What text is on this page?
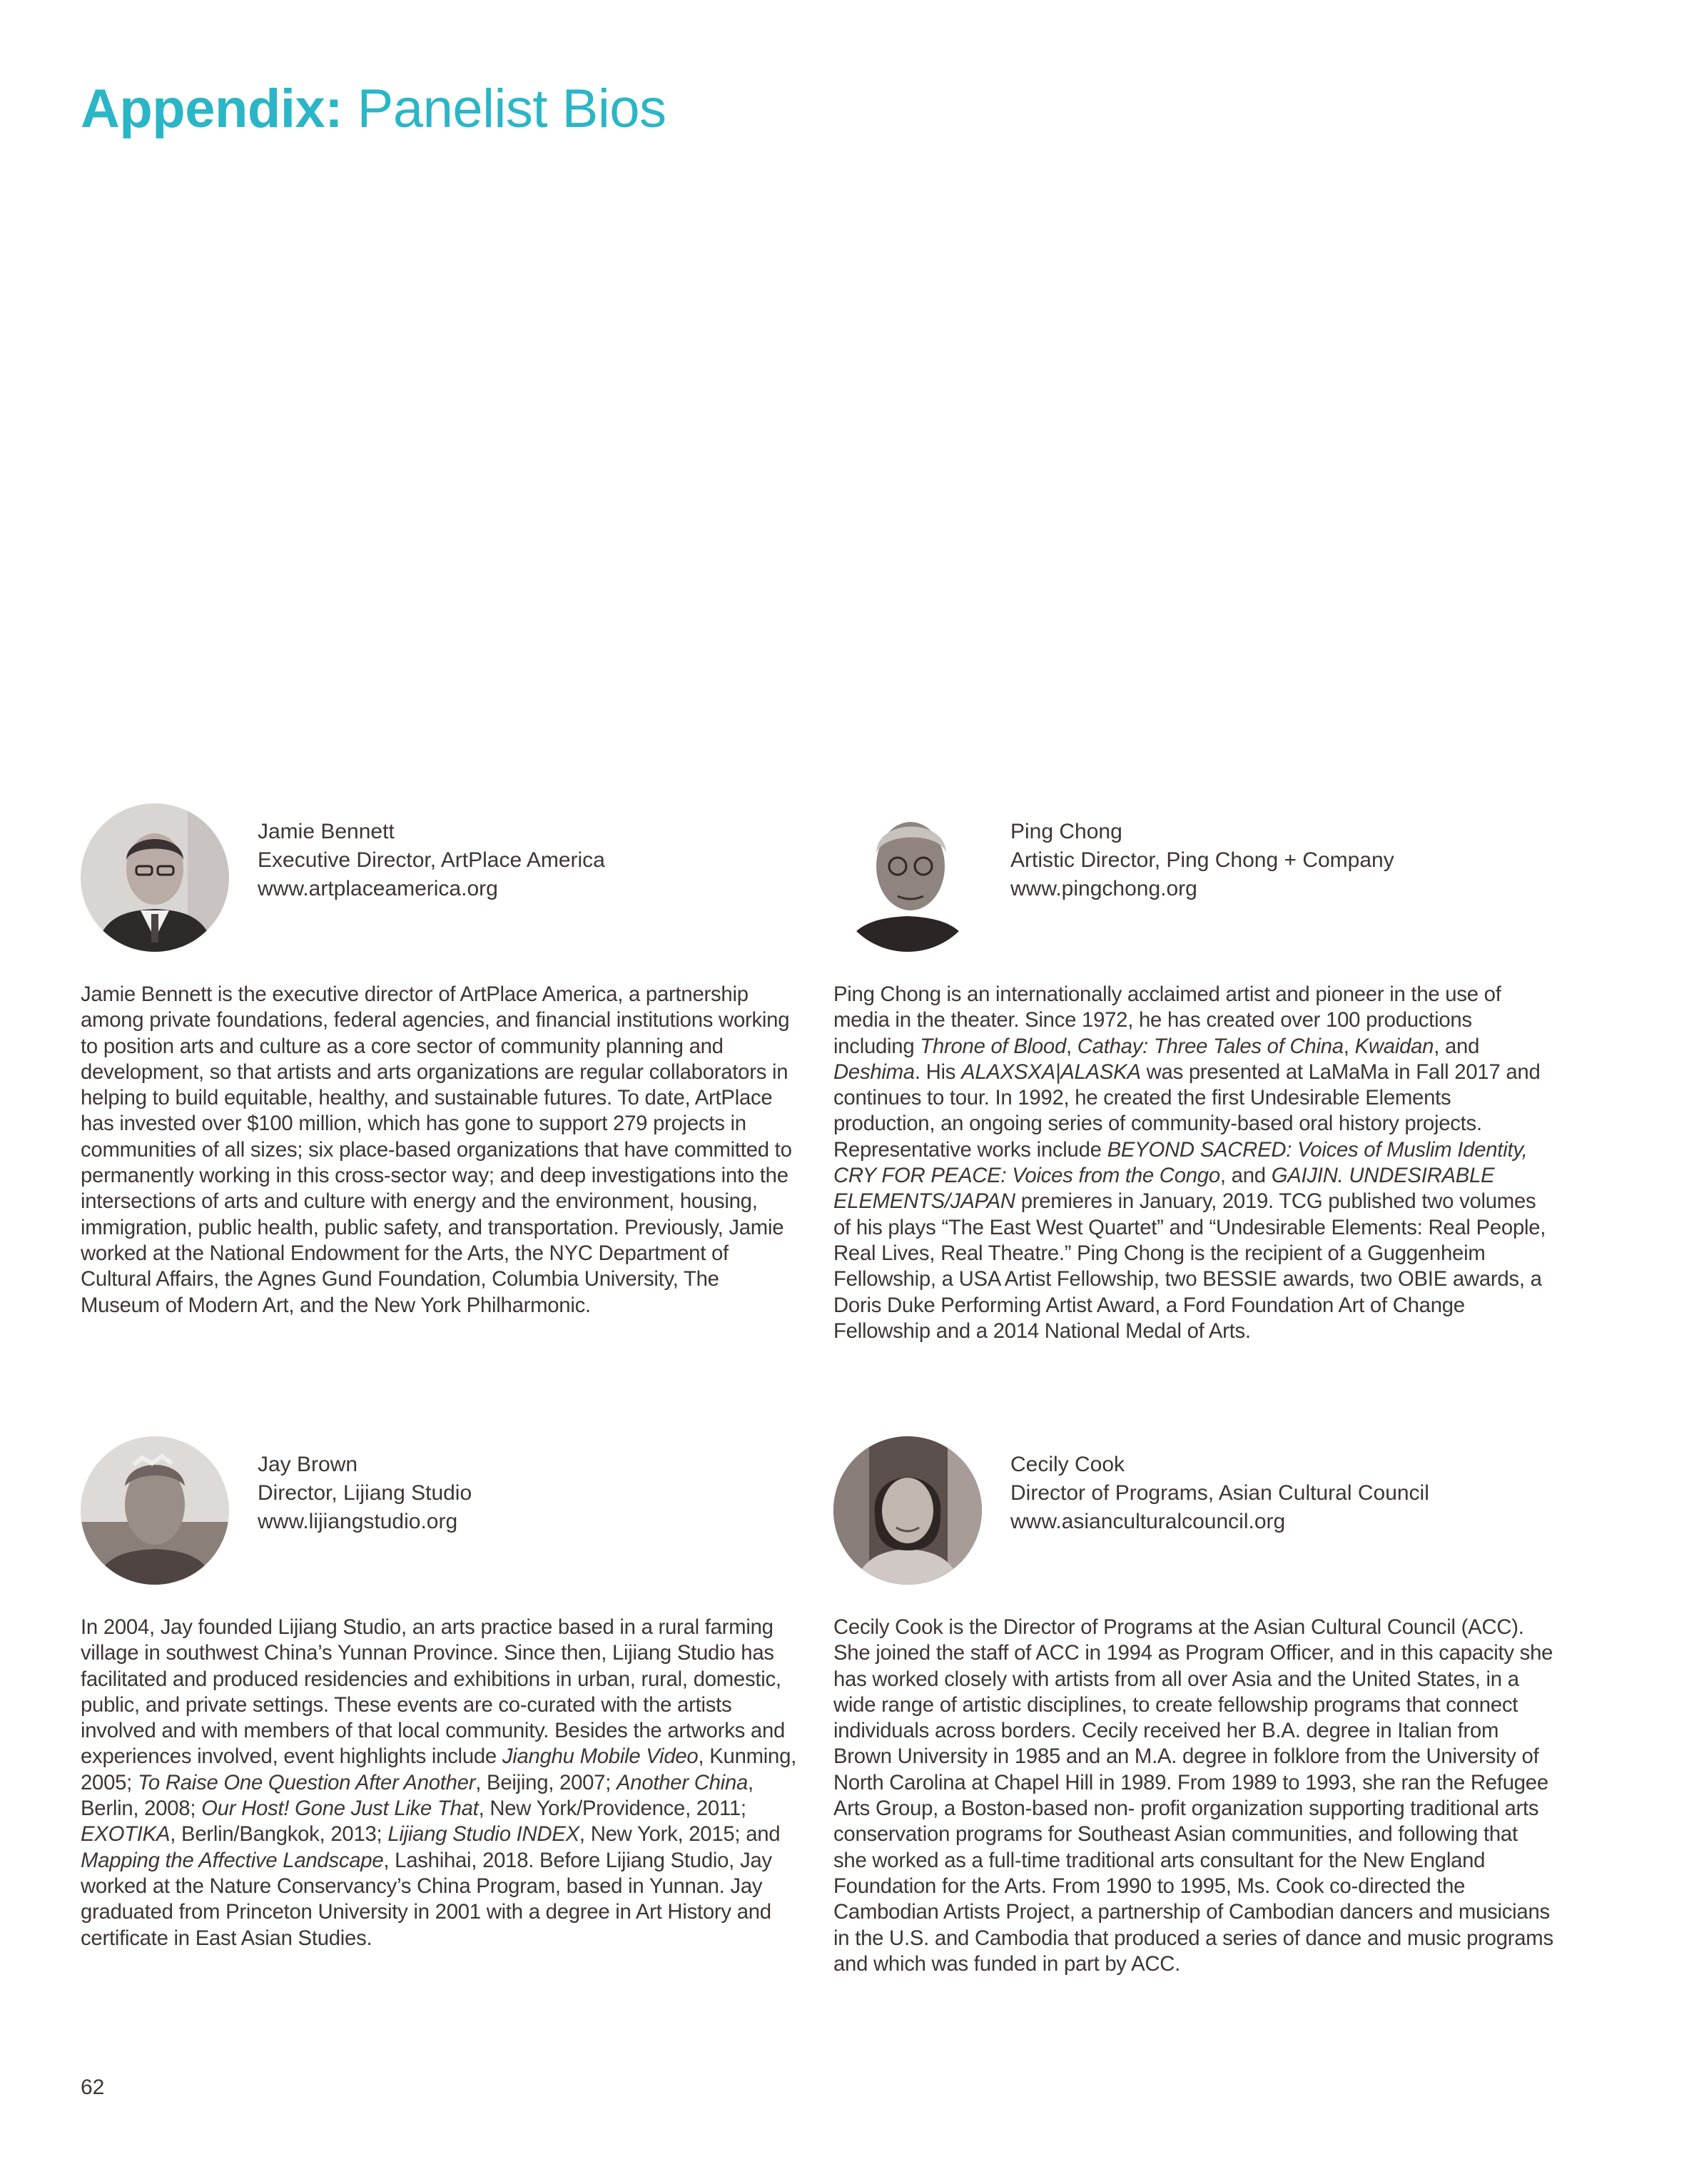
Appendix: Panelist Bios
Jamie Bennett
Executive Director, ArtPlace America
www.artplaceamerica.org

Jamie Bennett is the executive director of ArtPlace America, a partnership among private foundations, federal agencies, and financial institutions working to position arts and culture as a core sector of community planning and development, so that artists and arts organizations are regular collaborators in helping to build equitable, healthy, and sustainable futures. To date, ArtPlace has invested over $100 million, which has gone to support 279 projects in communities of all sizes; six place-based organizations that have committed to permanently working in this cross-sector way; and deep investigations into the intersections of arts and culture with energy and the environment, housing, immigration, public health, public safety, and transportation. Previously, Jamie worked at the National Endowment for the Arts, the NYC Department of Cultural Affairs, the Agnes Gund Foundation, Columbia University, The Museum of Modern Art, and the New York Philharmonic.

Ping Chong
Artistic Director, Ping Chong + Company
www.pingchong.org

Ping Chong is an internationally acclaimed artist and pioneer in the use of media in the theater. Since 1972, he has created over 100 productions including Throne of Blood, Cathay: Three Tales of China, Kwaidan, and Deshima. His ALAXSXA|ALASKA was presented at LaMaMa in Fall 2017 and continues to tour. In 1992, he created the first Undesirable Elements production, an ongoing series of community-based oral history projects. Representative works include BEYOND SACRED: Voices of Muslim Identity, CRY FOR PEACE: Voices from the Congo, and GAIJIN. UNDESIRABLE ELEMENTS/JAPAN premieres in January, 2019. TCG published two volumes of his plays “The East West Quartet” and “Undesirable Elements: Real People, Real Lives, Real Theatre.” Ping Chong is the recipient of a Guggenheim Fellowship, a USA Artist Fellowship, two BESSIE awards, two OBIE awards, a Doris Duke Performing Artist Award, a Ford Foundation Art of Change Fellowship and a 2014 National Medal of Arts.

Jay Brown
Director, Lijiang Studio
www.lijiangstudio.org

In 2004, Jay founded Lijiang Studio, an arts practice based in a rural farming village in southwest China’s Yunnan Province. Since then, Lijiang Studio has facilitated and produced residencies and exhibitions in urban, rural, domestic, public, and private settings. These events are co-curated with the artists involved and with members of that local community. Besides the artworks and experiences involved, event highlights include Jianghu Mobile Video, Kunming, 2005; To Raise One Question After Another, Beijing, 2007; Another China, Berlin, 2008; Our Host! Gone Just Like That, New York/Providence, 2011; EXOTIKA, Berlin/Bangkok, 2013; Lijiang Studio INDEX, New York, 2015; and Mapping the Affective Landscape, Lashihai, 2018. Before Lijiang Studio, Jay worked at the Nature Conservancy’s China Program, based in Yunnan. Jay graduated from Princeton University in 2001 with a degree in Art History and certificate in East Asian Studies.

Cecily Cook
Director of Programs, Asian Cultural Council
www.asianculturalcouncil.org

Cecily Cook is the Director of Programs at the Asian Cultural Council (ACC). She joined the staff of ACC in 1994 as Program Officer, and in this capacity she has worked closely with artists from all over Asia and the United States, in a wide range of artistic disciplines, to create fellowship programs that connect individuals across borders. Cecily received her B.A. degree in Italian from Brown University in 1985 and an M.A. degree in folklore from the University of North Carolina at Chapel Hill in 1989. From 1989 to 1993, she ran the Refugee Arts Group, a Boston-based non- profit organization supporting traditional arts conservation programs for Southeast Asian communities, and following that she worked as a full-time traditional arts consultant for the New England Foundation for the Arts. From 1990 to 1995, Ms. Cook co-directed the Cambodian Artists Project, a partnership of Cambodian dancers and musicians in the U.S. and Cambodia that produced a series of dance and music programs and which was funded in part by ACC.

62
